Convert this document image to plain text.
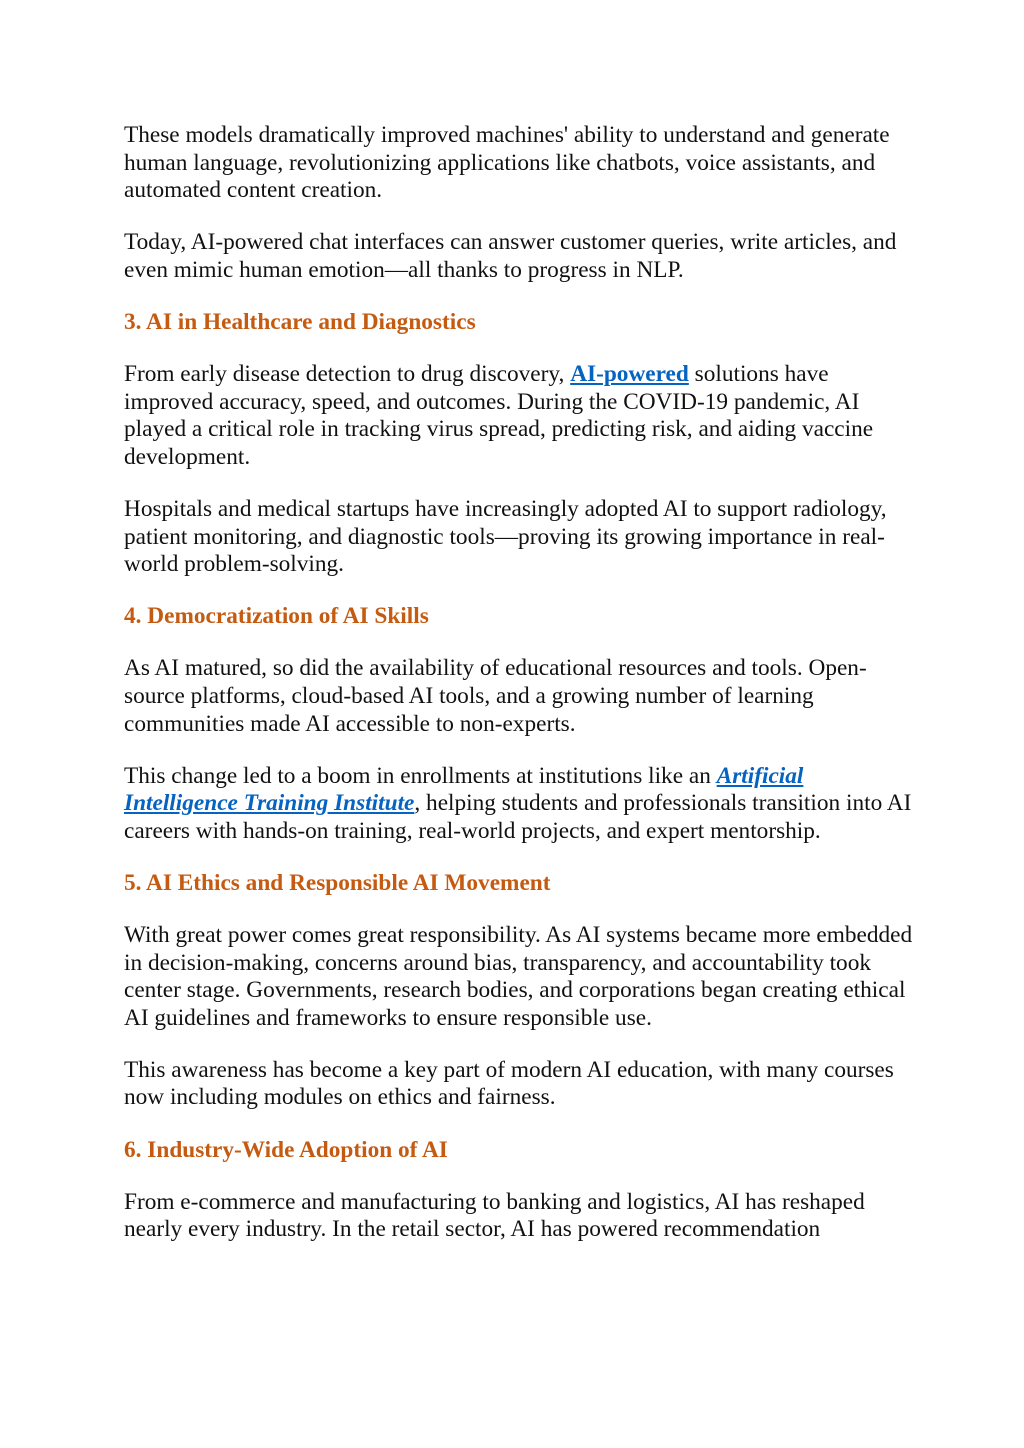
These models dramatically improved machines' ability to understand and generate human language, revolutionizing applications like chatbots, voice assistants, and automated content creation.

Today, AI-powered chat interfaces can answer customer queries, write articles, and even mimic human emotion—all thanks to progress in NLP.

3. AI in Healthcare and Diagnostics

From early disease detection to drug discovery, AI-powered solutions have improved accuracy, speed, and outcomes. During the COVID-19 pandemic, AI played a critical role in tracking virus spread, predicting risk, and aiding vaccine development.

Hospitals and medical startups have increasingly adopted AI to support radiology, patient monitoring, and diagnostic tools—proving its growing importance in real-world problem-solving.

4. Democratization of AI Skills

As AI matured, so did the availability of educational resources and tools. Open-source platforms, cloud-based AI tools, and a growing number of learning communities made AI accessible to non-experts.

This change led to a boom in enrollments at institutions like an Artificial Intelligence Training Institute, helping students and professionals transition into AI careers with hands-on training, real-world projects, and expert mentorship.

5. AI Ethics and Responsible AI Movement

With great power comes great responsibility. As AI systems became more embedded in decision-making, concerns around bias, transparency, and accountability took center stage. Governments, research bodies, and corporations began creating ethical AI guidelines and frameworks to ensure responsible use.

This awareness has become a key part of modern AI education, with many courses now including modules on ethics and fairness.

6. Industry-Wide Adoption of AI

From e-commerce and manufacturing to banking and logistics, AI has reshaped nearly every industry. In the retail sector, AI has powered recommendation
